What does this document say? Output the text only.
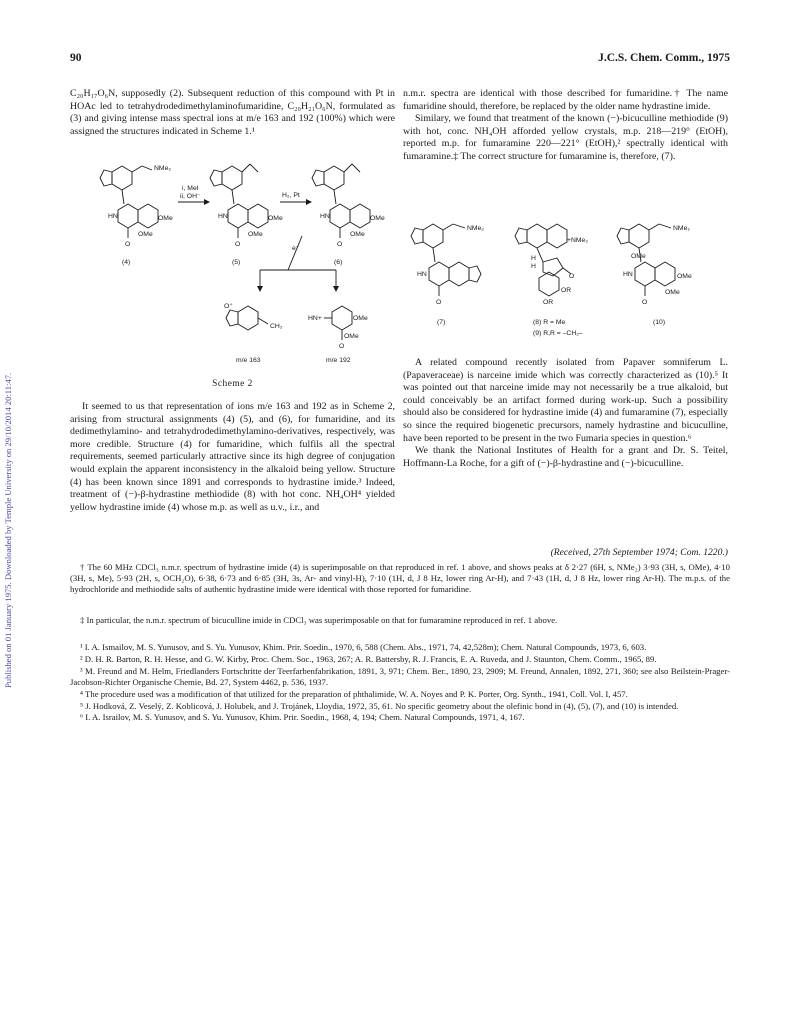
Published on 01 January 1975. Downloaded by Temple University on 29/10/2014 20:11:47.
90	J.C.S. Chem. Comm., 1975

C₂₀H₁₇O₆N, supposedly (2). Subsequent reduction of this compound with Pt in HOAc led to tetrahydrodedimethylaminofumaridine, C₂₀H₂₁O₆N, formulated as (3) and giving intense mass spectral ions at m/e 163 and 192 (100%) which were assigned the structures indicated in Scheme 1.¹

NMe₂
HN
O
OMe
OMe
(4)
i, MeI
ii, OH⁻
HN
O
OMe
OMe
(5)
H₂, Pt
HN
O
OMe
OMe
(6)
e⁻
O⁺
CH₂
m/e 163
HN+	OMe
OMe
O
m/e 192
Scheme 2

It seemed to us that representation of ions m/e 163 and 192 as in Scheme 2, arising from structural assignments (4) (5), and (6), for fumaridine, and its dedimethylamino- and tetrahydrodedimethylamino-derivatives, respectively, was more credible. Structure (4) for fumaridine, which fulfils all the spectral requirements, seemed particularly attractive since its high degree of conjugation would explain the apparent inconsistency in the alkaloid being yellow. Structure (4) has been known since 1891 and corresponds to hydrastine imide.³ Indeed, treatment of (−)-β-hydrastine methiodide (8) with hot conc. NH₄OH⁴ yielded yellow hydrastine imide (4) whose m.p. as well as u.v., i.r., and

n.m.r. spectra are identical with those described for fumaridine.† The name fumaridine should, therefore, be replaced by the older name hydrastine imide.

Similary, we found that treatment of the known (−)-bicuculline methiodide (9) with hot, conc. NH₄OH afforded yellow crystals, m.p. 218—219° (EtOH), reported m.p. for fumaramine 220—221° (EtOH),² spectrally identical with fumaramine.‡ The correct structure for fumaramine is, therefore, (7).

NMe₂
HN
O
(7)
+NMe₂
H
H
O
OR
OR
(8) R = Me
(9) R,R = –CH₂–
NMe₂
OMe
HN
O
OMe
OMe
(10)

A related compound recently isolated from Papaver somniferum L. (Papaveraceae) is narceine imide which was correctly characterized as (10).⁵ It was pointed out that narceine imide may not necessarily be a true alkaloid, but could conceivably be an artifact formed during work-up. Such a possibility should also be considered for hydrastine imide (4) and fumaramine (7), especially so since the required biogenetic precursors, namely hydrastine and bicuculline, have been reported to be present in the two Fumaria species in question.⁶

We thank the National Institutes of Health for a grant and Dr. S. Teitel, Hoffmann-La Roche, for a gift of (−)-β-hydrastine and (−)-bicuculline.

(Received, 27th September 1974; Com. 1220.)

† The 60 MHz CDCl₃ n.m.r. spectrum of hydrastine imide (4) is superimposable on that reproduced in ref. 1 above, and shows peaks at δ 2·27 (6H, s, NMe₂) 3·93 (3H, s, OMe), 4·10 (3H, s, Me), 5·93 (2H, s, OCH₂O), 6·38, 6·73 and 6·85 (3H, 3s, Ar- and vinyl-H), 7·10 (1H, d, J 8 Hz, lower ring Ar-H), and 7·43 (1H, d, J 8 Hz, lower ring Ar-H). The m.p.s. of the hydrochloride and methiodide salts of authentic hydrastine imide were identical with those reported for fumaridine.

‡ In particular, the n.m.r. spectrum of bicuculline imide in CDCl₃ was superimposable on that for fumaramine reproduced in ref. 1 above.

¹ I. A. Ismailov, M. S. Yunusov, and S. Yu. Yunusov, Khim. Prir. Soedin., 1970, 6, 588 (Chem. Abs., 1971, 74, 42,528m); Chem. Natural Compounds, 1973, 6, 603.

² D. H. R. Barton, R. H. Hesse, and G. W. Kirby, Proc. Chem. Soc., 1963, 267; A. R. Battersby, R. J. Francis, E. A. Ruveda, and J. Staunton, Chem. Comm., 1965, 89.

³ M. Freund and M. Helm, Friedlanders Fortschritte der Teerfarbenfabrikation, 1891, 3, 971; Chem. Ber., 1890, 23, 2909; M. Freund, Annalen, 1892, 271, 360; see also Beilstein-Prager-Jacobson-Richter Organische Chemie, Bd. 27, System 4462, p. 536, 1937.

⁴ The procedure used was a modification of that utilized for the preparation of phthalimide, W. A. Noyes and P. K. Porter, Org. Synth., 1941, Coll. Vol. I, 457.

⁵ J. Hodková, Z. Veselý, Z. Koblicová, J. Holubek, and J. Trojánek, Lloydia, 1972, 35, 61. No specific geometry about the olefinic bond in (4), (5), (7), and (10) is intended.

⁶ I. A. Israilov, M. S. Yunusov, and S. Yu. Yunusov, Khim. Prir. Soedin., 1968, 4, 194; Chem. Natural Compounds, 1971, 4, 167.
